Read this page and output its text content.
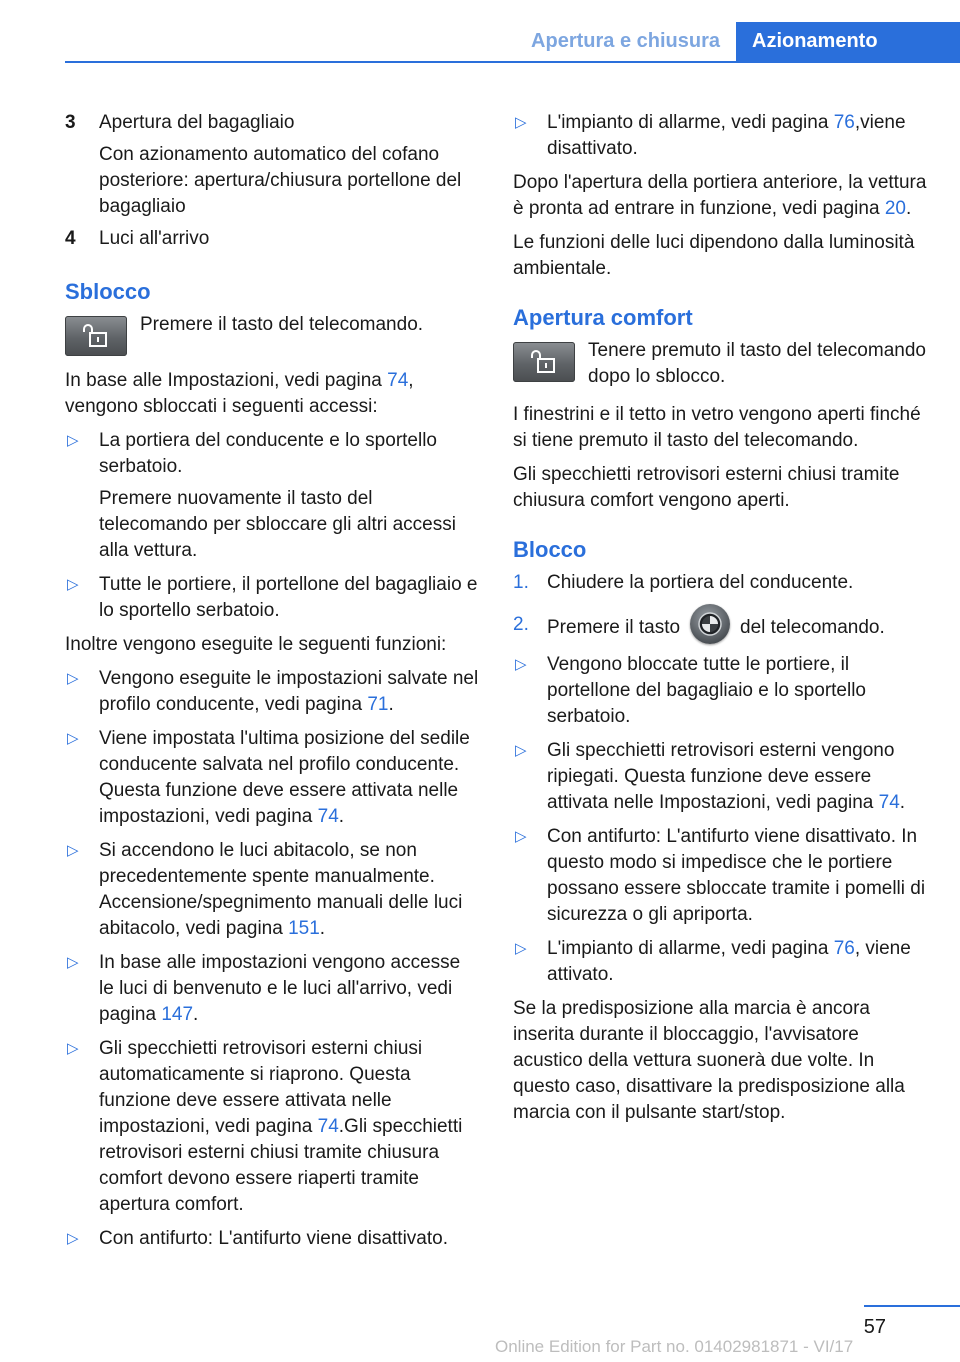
Apertura e chiusura	Azionamento
3 Apertura del bagagliaio
Con azionamento automatico del cofano posteriore: apertura/chiusura portellone del bagagliaio
4 Luci all'arrivo
Sblocco
Premere il tasto del telecomando.

In base alle Impostazioni, vedi pagina 74, vengono sbloccati i seguenti accessi:

▷ La portiera del conducente e lo sportello serbatoio.
Premere nuovamente il tasto del telecomando per sbloccare gli altri accessi alla vettura.
▷ Tutte le portiere, il portellone del bagagliaio e lo sportello serbatoio.

Inoltre vengono eseguite le seguenti funzioni:

▷ Vengono eseguite le impostazioni salvate nel profilo conducente, vedi pagina 71.
▷ Viene impostata l'ultima posizione del sedile conducente salvata nel profilo conducente. Questa funzione deve essere attivata nelle impostazioni, vedi pagina 74.
▷ Si accendono le luci abitacolo, se non precedentemente spente manualmente. Accensione/spegnimento manuali delle luci abitacolo, vedi pagina 151.
▷ In base alle impostazioni vengono accesse le luci di benvenuto e le luci all'arrivo, vedi pagina 147.
▷ Gli specchietti retrovisori esterni chiusi automaticamente si riaprono. Questa funzione deve essere attivata nelle impostazioni, vedi pagina 74.Gli specchietti retrovisori esterni chiusi tramite chiusura comfort devono essere riaperti tramite apertura comfort.
▷ Con antifurto: L'antifurto viene disattivato.
▷ L'impianto di allarme, vedi pagina 76,viene disattivato.

Dopo l'apertura della portiera anteriore, la vettura è pronta ad entrare in funzione, vedi pagina 20.

Le funzioni delle luci dipendono dalla luminosità ambientale.

Apertura comfort
Tenere premuto il tasto del telecomando dopo lo sblocco.

I finestrini e il tetto in vetro vengono aperti finché si tiene premuto il tasto del telecomando.

Gli specchietti retrovisori esterni chiusi tramite chiusura comfort vengono aperti.

Blocco
1. Chiudere la portiera del conducente.
2. Premere il tasto	del telecomando.
▷ Vengono bloccate tutte le portiere, il portellone del bagagliaio e lo sportello serbatoio.
▷ Gli specchietti retrovisori esterni vengono ripiegati. Questa funzione deve essere attivata nelle Impostazioni, vedi pagina 74.
▷ Con antifurto: L'antifurto viene disattivato. In questo modo si impedisce che le portiere possano essere sbloccate tramite i pomelli di sicurezza o gli apriporta.
▷ L'impianto di allarme, vedi pagina 76, viene attivato.

Se la predisposizione alla marcia è ancora inserita durante il bloccaggio, l'avvisatore acustico della vettura suonerà due volte. In questo caso, disattivare la predisposizione alla marcia con il pulsante start/stop.

57
Online Edition for Part no. 01402981871 - VI/17
